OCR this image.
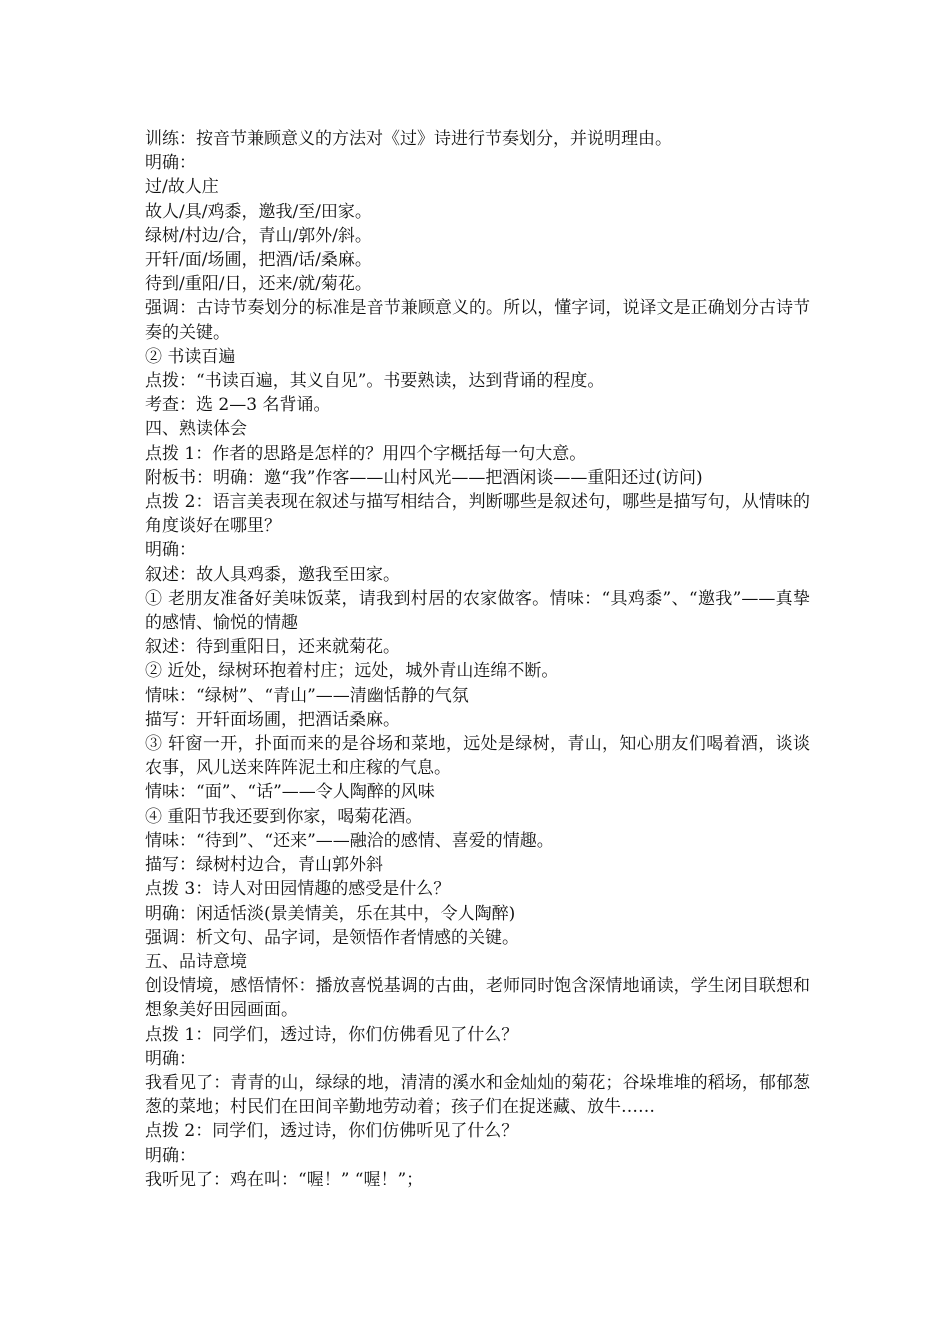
训练：按音节兼顾意义的方法对《过》诗进行节奏划分，并说明理由。

明确：

过/故人庄

故人/具/鸡黍，邀我/至/田家。

绿树/村边/合，青山/郭外/斜。

开轩/面/场圃，把酒/话/桑麻。

待到/重阳/日，还来/就/菊花。

强调：古诗节奏划分的标准是音节兼顾意义的。所以，懂字词，说译文是正确划分古诗节奏的关键。

② 书读百遍

点拨：“书读百遍，其义自见”。书要熟读，达到背诵的程度。

考查：选 2—3 名背诵。

四、熟读体会

点拨 1：作者的思路是怎样的？用四个字概括每一句大意。

附板书：明确：邀“我”作客——山村风光——把酒闲谈——重阳还过(访问)

点拨 2：语言美表现在叙述与描写相结合，判断哪些是叙述句，哪些是描写句，从情味的角度谈好在哪里？

明确：

叙述：故人具鸡黍，邀我至田家。

① 老朋友准备好美味饭菜，请我到村居的农家做客。情味：“具鸡黍”、“邀我”——真挚的感情、愉悦的情趣

叙述：待到重阳日，还来就菊花。

② 近处，绿树环抱着村庄；远处，城外青山连绵不断。

情味：“绿树”、“青山”——清幽恬静的气氛

描写：开轩面场圃，把酒话桑麻。

③ 轩窗一开，扑面而来的是谷场和菜地，远处是绿树，青山，知心朋友们喝着酒，谈谈农事，风儿送来阵阵泥土和庄稼的气息。

情味：“面”、“话”——令人陶醉的风味

④ 重阳节我还要到你家，喝菊花酒。

情味：“待到”、“还来”——融洽的感情、喜爱的情趣。

描写：绿树村边合，青山郭外斜

点拨 3：诗人对田园情趣的感受是什么？

明确：闲适恬淡(景美情美，乐在其中，令人陶醉)

强调：析文句、品字词，是领悟作者情感的关键。

五、品诗意境

创设情境，感悟情怀：播放喜悦基调的古曲，老师同时饱含深情地诵读，学生闭目联想和想象美好田园画面。

点拨 1：同学们，透过诗，你们仿佛看见了什么？

明确：

我看见了：青青的山，绿绿的地，清清的溪水和金灿灿的菊花；谷垛堆堆的稻场，郁郁葱葱的菜地；村民们在田间辛勤地劳动着；孩子们在捉迷藏、放牛……

点拨 2：同学们，透过诗，你们仿佛听见了什么？

明确：

我听见了：鸡在叫：“喔！” “喔！”；
